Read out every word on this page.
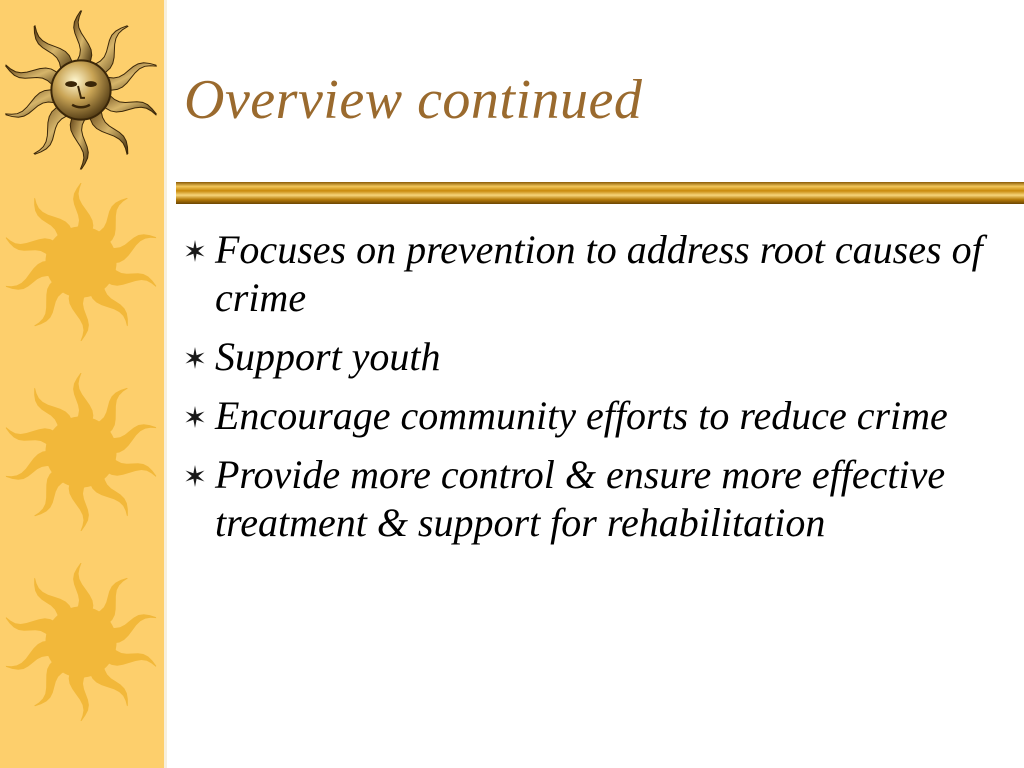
Overview continued
Focuses on prevention to address root causes of crime
Support youth
Encourage community efforts to reduce crime
Provide more control & ensure more effective treatment & support for rehabilitation
